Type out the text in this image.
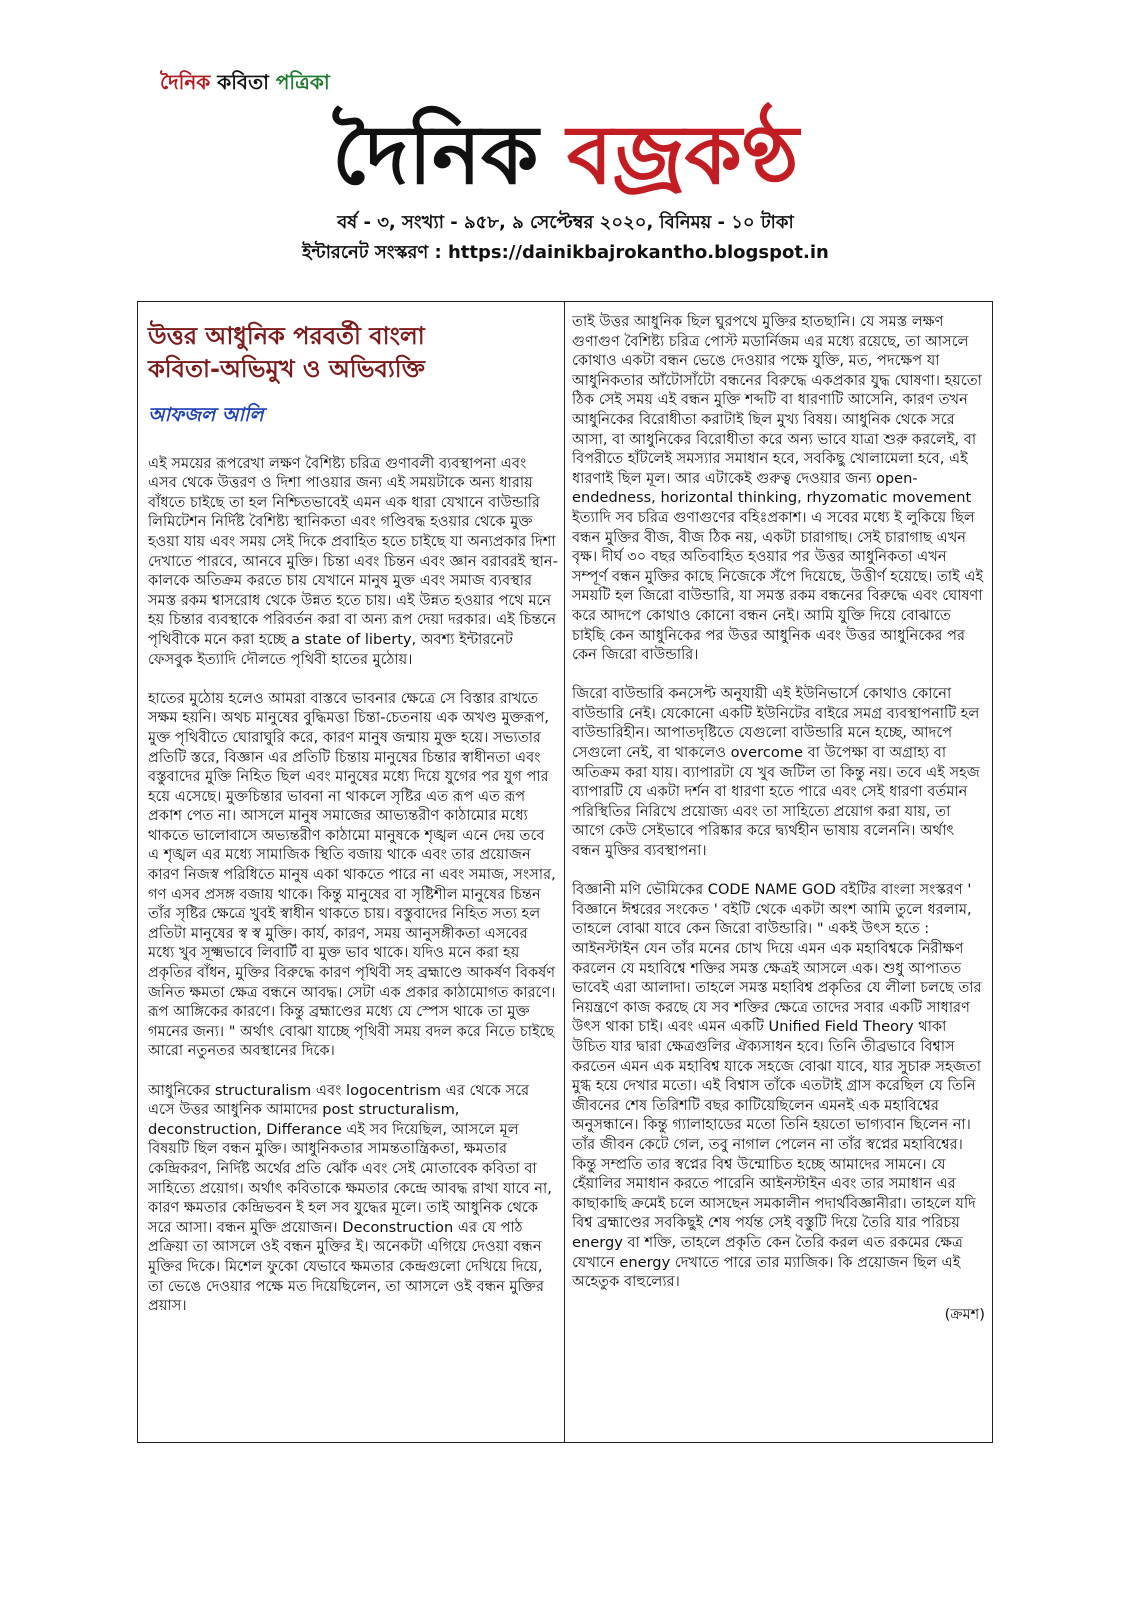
দৈনিক কবিতা পত্রিকা
দৈনিক বজ্রকণ্ঠ
বর্ষ - ৩, সংখ্যা - ৯৫৮, ৯ সেপ্টেম্বর ২০২০, বিনিময় - ১০ টাকা
ইন্টারনেট সংস্করণ : https://dainikbajrokantho.blogspot.in
উত্তর আধুনিক পরবর্তী বাংলা
কবিতা-অভিমুখ ও অভিব্যক্তি
আফজল আলি

এই সময়ের রূপরেখা লক্ষণ বৈশিষ্ট্য চরিত্র গুণাবলী ব্যবস্থাপনা এবং এসব থেকে উত্তরণ ও দিশা পাওয়ার জন্য এই সময়টাকে অন্য ধারায় বাঁধতে চাইছে তা হল নিশ্চিতভাবেই এমন এক ধারা যেখানে বাউন্ডারি লিমিটেশন নির্দিষ্ট বৈশিষ্ট্য স্থানিকতা এবং গণ্ডিবদ্ধ হওয়ার থেকে মুক্ত হওয়া যায় এবং সময় সেই দিকে প্রবাহিত হতে চাইছে যা অন্যপ্রকার দিশা দেখাতে পারবে, আনবে মুক্তি। চিন্তা এবং চিন্তন এবং জ্ঞান বরাবরই স্থান-কালকে অতিক্রম করতে চায় যেখানে মানুষ মুক্ত এবং সমাজ ব্যবস্থার সমস্ত রকম শ্বাসরোধ থেকে উন্নত হতে চায়। এই উন্নত হওয়ার পথে মনে হয় চিন্তার ব্যবস্থাকে পরিবর্তন করা বা অন্য রূপ দেয়া দরকার। এই চিন্তনে পৃথিবীকে মনে করা হচ্ছে a state of liberty, অবশ্য ইন্টারনেট ফেসবুক ইত্যাদি দৌলতে পৃথিবী হাতের মুঠোয়।

হাতের মুঠোয় হলেও আমরা বাস্তবে ভাবনার ক্ষেত্রে সে বিস্তার রাখতে সক্ষম হয়নি। অথচ মানুষের বুদ্ধিমত্তা চিন্তা-চেতনায় এক অখণ্ড মুক্তরূপ, মুক্ত পৃথিবীতে ঘোরাঘুরি করে, কারণ মানুষ জন্মায় মুক্ত হয়ে। সভ্যতার প্রতিটি স্তরে, বিজ্ঞান এর প্রতিটি চিন্তায় মানুষের চিন্তার স্বাধীনতা এবং বস্তুবাদের মুক্তি নিহিত ছিল এবং মানুষের মধ্যে দিয়ে যুগের পর যুগ পার হয়ে এসেছে। মুক্তচিন্তার ভাবনা না থাকলে সৃষ্টির এত রূপ এত রূপ প্রকাশ পেত না। আসলে মানুষ সমাজের আভ্যন্তরীণ কাঠামোর মধ্যে থাকতে ভালোবাসে অভ্যন্তরীণ কাঠামো মানুষকে শৃঙ্খল এনে দেয় তবে এ শৃঙ্খল এর মধ্যে সামাজিক স্থিতি বজায় থাকে এবং তার প্রয়োজন কারণ নিজস্ব পরিধিতে মানুষ একা থাকতে পারে না এবং সমাজ, সংসার, গণ এসব প্রসঙ্গ বজায় থাকে। কিন্তু মানুষের বা সৃষ্টিশীল মানুষের চিন্তন তাঁর সৃষ্টির ক্ষেত্রে খুবই স্বাধীন থাকতে চায়। বস্তুবাদের নিহিত সত্য হল প্রতিটা মানুষের স্ব স্ব মুক্তি। কার্য, কারণ, সময় আনুসঙ্গীকতা এসবের মধ্যে খুব সূক্ষ্মভাবে লিবার্টি বা মুক্ত ভাব থাকে। যদিও মনে করা হয় প্রকৃতির বাঁধন, মুক্তির বিরুদ্ধে কারণ পৃথিবী সহ ব্রহ্মাণ্ডে আকর্ষণ বিকর্ষণ জনিত ক্ষমতা ক্ষেত্র বন্ধনে আবদ্ধ। সেটা এক প্রকার কাঠামোগত কারণে। রূপ আঙ্গিকের কারণে। কিন্তু ব্রহ্মাণ্ডের মধ্যে যে স্পেস থাকে তা মুক্ত গমনের জন্য। " অর্থাৎ বোঝা যাচ্ছে পৃথিবী সময় বদল করে নিতে চাইছে আরো নতুনতর অবস্থানের দিকে।

আধুনিকের structuralism এবং logocentrism এর থেকে সরে এসে উত্তর আধুনিক আমাদের post structuralism, deconstruction, Differance এই সব দিয়েছিল, আসলে মূল বিষয়টি ছিল বন্ধন মুক্তি। আধুনিকতার সামন্ততান্ত্রিকতা, ক্ষমতার কেন্দ্রিকরণ, নির্দিষ্ট অর্থের প্রতি ঝোঁক এবং সেই মোতাবেক কবিতা বা সাহিত্যে প্রয়োগ। অর্থাৎ কবিতাকে ক্ষমতার কেন্দ্রে আবদ্ধ রাখা যাবে না, কারণ ক্ষমতার কেন্দ্রিভবন ই হল সব যুদ্ধের মূলে। তাই আধুনিক থেকে সরে আসা। বন্ধন মুক্তি প্রয়োজন। Deconstruction এর যে পাঠ প্রক্রিয়া তা আসলে ওই বন্ধন মুক্তির ই। অনেকটা এগিয়ে দেওয়া বন্ধন মুক্তির দিকে। মিশেল ফুকো যেভাবে ক্ষমতার কেন্দ্রগুলো দেখিয়ে দিয়ে, তা ভেঙে দেওয়ার পক্ষে মত দিয়েছিলেন, তা আসলে ওই বন্ধন মুক্তির প্রয়াস।

তাই উত্তর আধুনিক ছিল ঘুরপথে মুক্তির হাতছানি। যে সমস্ত লক্ষণ গুণাগুণ বৈশিষ্ট্য চরিত্র পোস্ট মডার্নিজম এর মধ্যে রয়েছে, তা আসলে কোথাও একটা বন্ধন ভেঙে দেওয়ার পক্ষে যুক্তি, মত, পদক্ষেপ যা আধুনিকতার আঁটোসাঁটো বন্ধনের বিরুদ্ধে একপ্রকার যুদ্ধ ঘোষণা। হয়তো ঠিক সেই সময় এই বন্ধন মুক্তি শব্দটি বা ধারণাটি আসেনি, কারণ তখন আধুনিকের বিরোধীতা করাটাই ছিল মুখ্য বিষয়। আধুনিক থেকে সরে আসা, বা আধুনিকের বিরোধীতা করে অন্য ভাবে যাত্রা শুরু করলেই, বা বিপরীতে হাঁটলেই সমস্যার সমাধান হবে, সবকিছু খোলামেলা হবে, এই ধারণাই ছিল মূল। আর এটাকেই গুরুত্ব দেওয়ার জন্য open-endedness, horizontal thinking, rhyzomatic movement ইত্যাদি সব চরিত্র গুণাগুণের বহিঃপ্রকাশ। এ সবের মধ্যে ই লুকিয়ে ছিল বন্ধন মুক্তির বীজ, বীজ ঠিক নয়, একটা চারাগাছ। সেই চারাগাছ এখন বৃক্ষ। দীর্ঘ ৩০ বছর অতিবাহিত হওয়ার পর উত্তর আধুনিকতা এখন সম্পূর্ণ বন্ধন মুক্তির কাছে নিজেকে সঁপে দিয়েছে, উত্তীর্ণ হয়েছে। তাই এই সময়টি হল জিরো বাউন্ডারি, যা সমস্ত রকম বন্ধনের বিরুদ্ধে এবং ঘোষণা করে আদপে কোথাও কোনো বন্ধন নেই। আমি যুক্তি দিয়ে বোঝাতে চাইছি কেন আধুনিকের পর উত্তর আধুনিক এবং উত্তর আধুনিকের পর কেন জিরো বাউন্ডারি।

জিরো বাউন্ডারি কনসেপ্ট অনুযায়ী এই ইউনিভার্সে কোথাও কোনো বাউন্ডারি নেই। যেকোনো একটি ইউনিটের বাইরে সমগ্র ব্যবস্থাপনাটি হল বাউন্ডারিহীন। আপাতদৃষ্টিতে যেগুলো বাউন্ডারি মনে হচ্ছে, আদপে সেগুলো নেই, বা থাকলেও overcome বা উপেক্ষা বা অগ্রাহ্য বা অতিক্রম করা যায়। ব্যাপারটা যে খুব জটিল তা কিন্তু নয়। তবে এই সহজ ব্যাপারটি যে একটা দর্শন বা ধারণা হতে পারে এবং সেই ধারণা বর্তমান পরিস্থিতির নিরিখে প্রয়োজ্য এবং তা সাহিত্যে প্রয়োগ করা যায়, তা আগে কেউ সেইভাবে পরিষ্কার করে দ্ব্যর্থহীন ভাষায় বলেননি। অর্থাৎ বন্ধন মুক্তির ব্যবস্থাপনা।

বিজ্ঞানী মণি ভৌমিকের CODE NAME GOD বইটির বাংলা সংস্করণ ' বিজ্ঞানে ঈশ্বরের সংকেত ' বইটি থেকে একটা অংশ আমি তুলে ধরলাম, তাহলে বোঝা যাবে কেন জিরো বাউন্ডারি। " একই উৎস হতে : আইনস্টাইন যেন তাঁর মনের চোখ দিয়ে এমন এক মহাবিশ্বকে নিরীক্ষণ করলেন যে মহাবিশ্বে শক্তির সমস্ত ক্ষেত্রই আসলে এক। শুধু আপাতত ভাবেই এরা আলাদা। তাহলে সমস্ত মহাবিশ্ব প্রকৃতির যে লীলা চলছে তার নিয়ন্ত্রণে কাজ করছে যে সব শক্তির ক্ষেত্রে তাদের সবার একটি সাধারণ উৎস থাকা চাই। এবং এমন একটি Unified Field Theory থাকা উচিত যার দ্বারা ক্ষেত্রগুলির ঐক্যসাধন হবে। তিনি তীব্রভাবে বিশ্বাস করতেন এমন এক মহাবিশ্ব যাকে সহজে বোঝা যাবে, যার সুচারু সহজতা মুগ্ধ হয়ে দেখার মতো। এই বিশ্বাস তাঁকে এতটাই গ্রাস করেছিল যে তিনি জীবনের শেষ তিরিশটি বছর কাটিয়েছিলেন এমনই এক মহাবিশ্বের অনুসন্ধানে। কিন্তু গ্যালাহাডের মতো তিনি হয়তো ভাগ্যবান ছিলেন না। তাঁর জীবন কেটে গেল, তবু নাগাল পেলেন না তাঁর স্বপ্নের মহাবিশ্বের। কিন্তু সম্প্রতি তার স্বপ্নের বিশ্ব উন্মোচিত হচ্ছে আমাদের সামনে। যে হেঁয়ালির সমাধান করতে পারেনি আইনস্টাইন এবং তার সমাধান এর কাছাকাছি ক্রমেই চলে আসছেন সমকালীন পদার্থবিজ্ঞানীরা। তাহলে যদি বিশ্ব ব্রহ্মাণ্ডের সবকিছুই শেষ পর্যন্ত সেই বস্তুটি দিয়ে তৈরি যার পরিচয় energy বা শক্তি, তাহলে প্রকৃতি কেন তৈরি করল এত রকমের ক্ষেত্র যেখানে energy দেখাতে পারে তার ম্যাজিক। কি প্রয়োজন ছিল এই অহেতুক বাহুল্যের।

(ক্রমশ)
